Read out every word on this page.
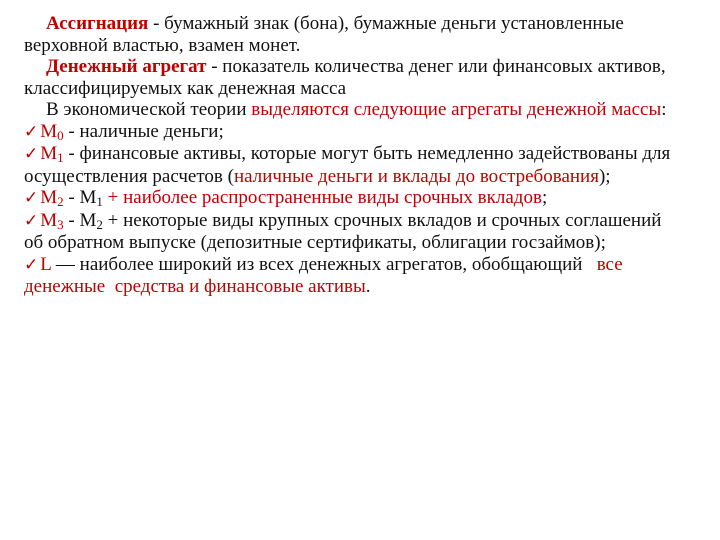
Ассигнация - бумажный знак (бона), бумажные деньги установленные верховной властью, взамен монет.

Денежный агрегат - показатель количества денег или финансовых активов, классифицируемых как денежная масса

В экономической теории выделяются следующие агрегаты денежной массы:

✓ $M_0$ - наличные деньги;

✓ $M_1$ - финансовые активы, которые могут быть немедленно задействованы для осуществления расчетов (наличные деньги и вклады до востребования);

✓ $M_2 - M_1$ + наиболее распространенные виды срочных вкладов;

✓ $M_3 - M_2$ + некоторые виды крупных срочных вкладов и срочных соглашений об обратном выпуске (депозитные сертификаты, облигации госзаймов);

✓ L — наиболее широкий из всех денежных агрегатов, обобщающий   все   денежные  средства и финансовые активы.
